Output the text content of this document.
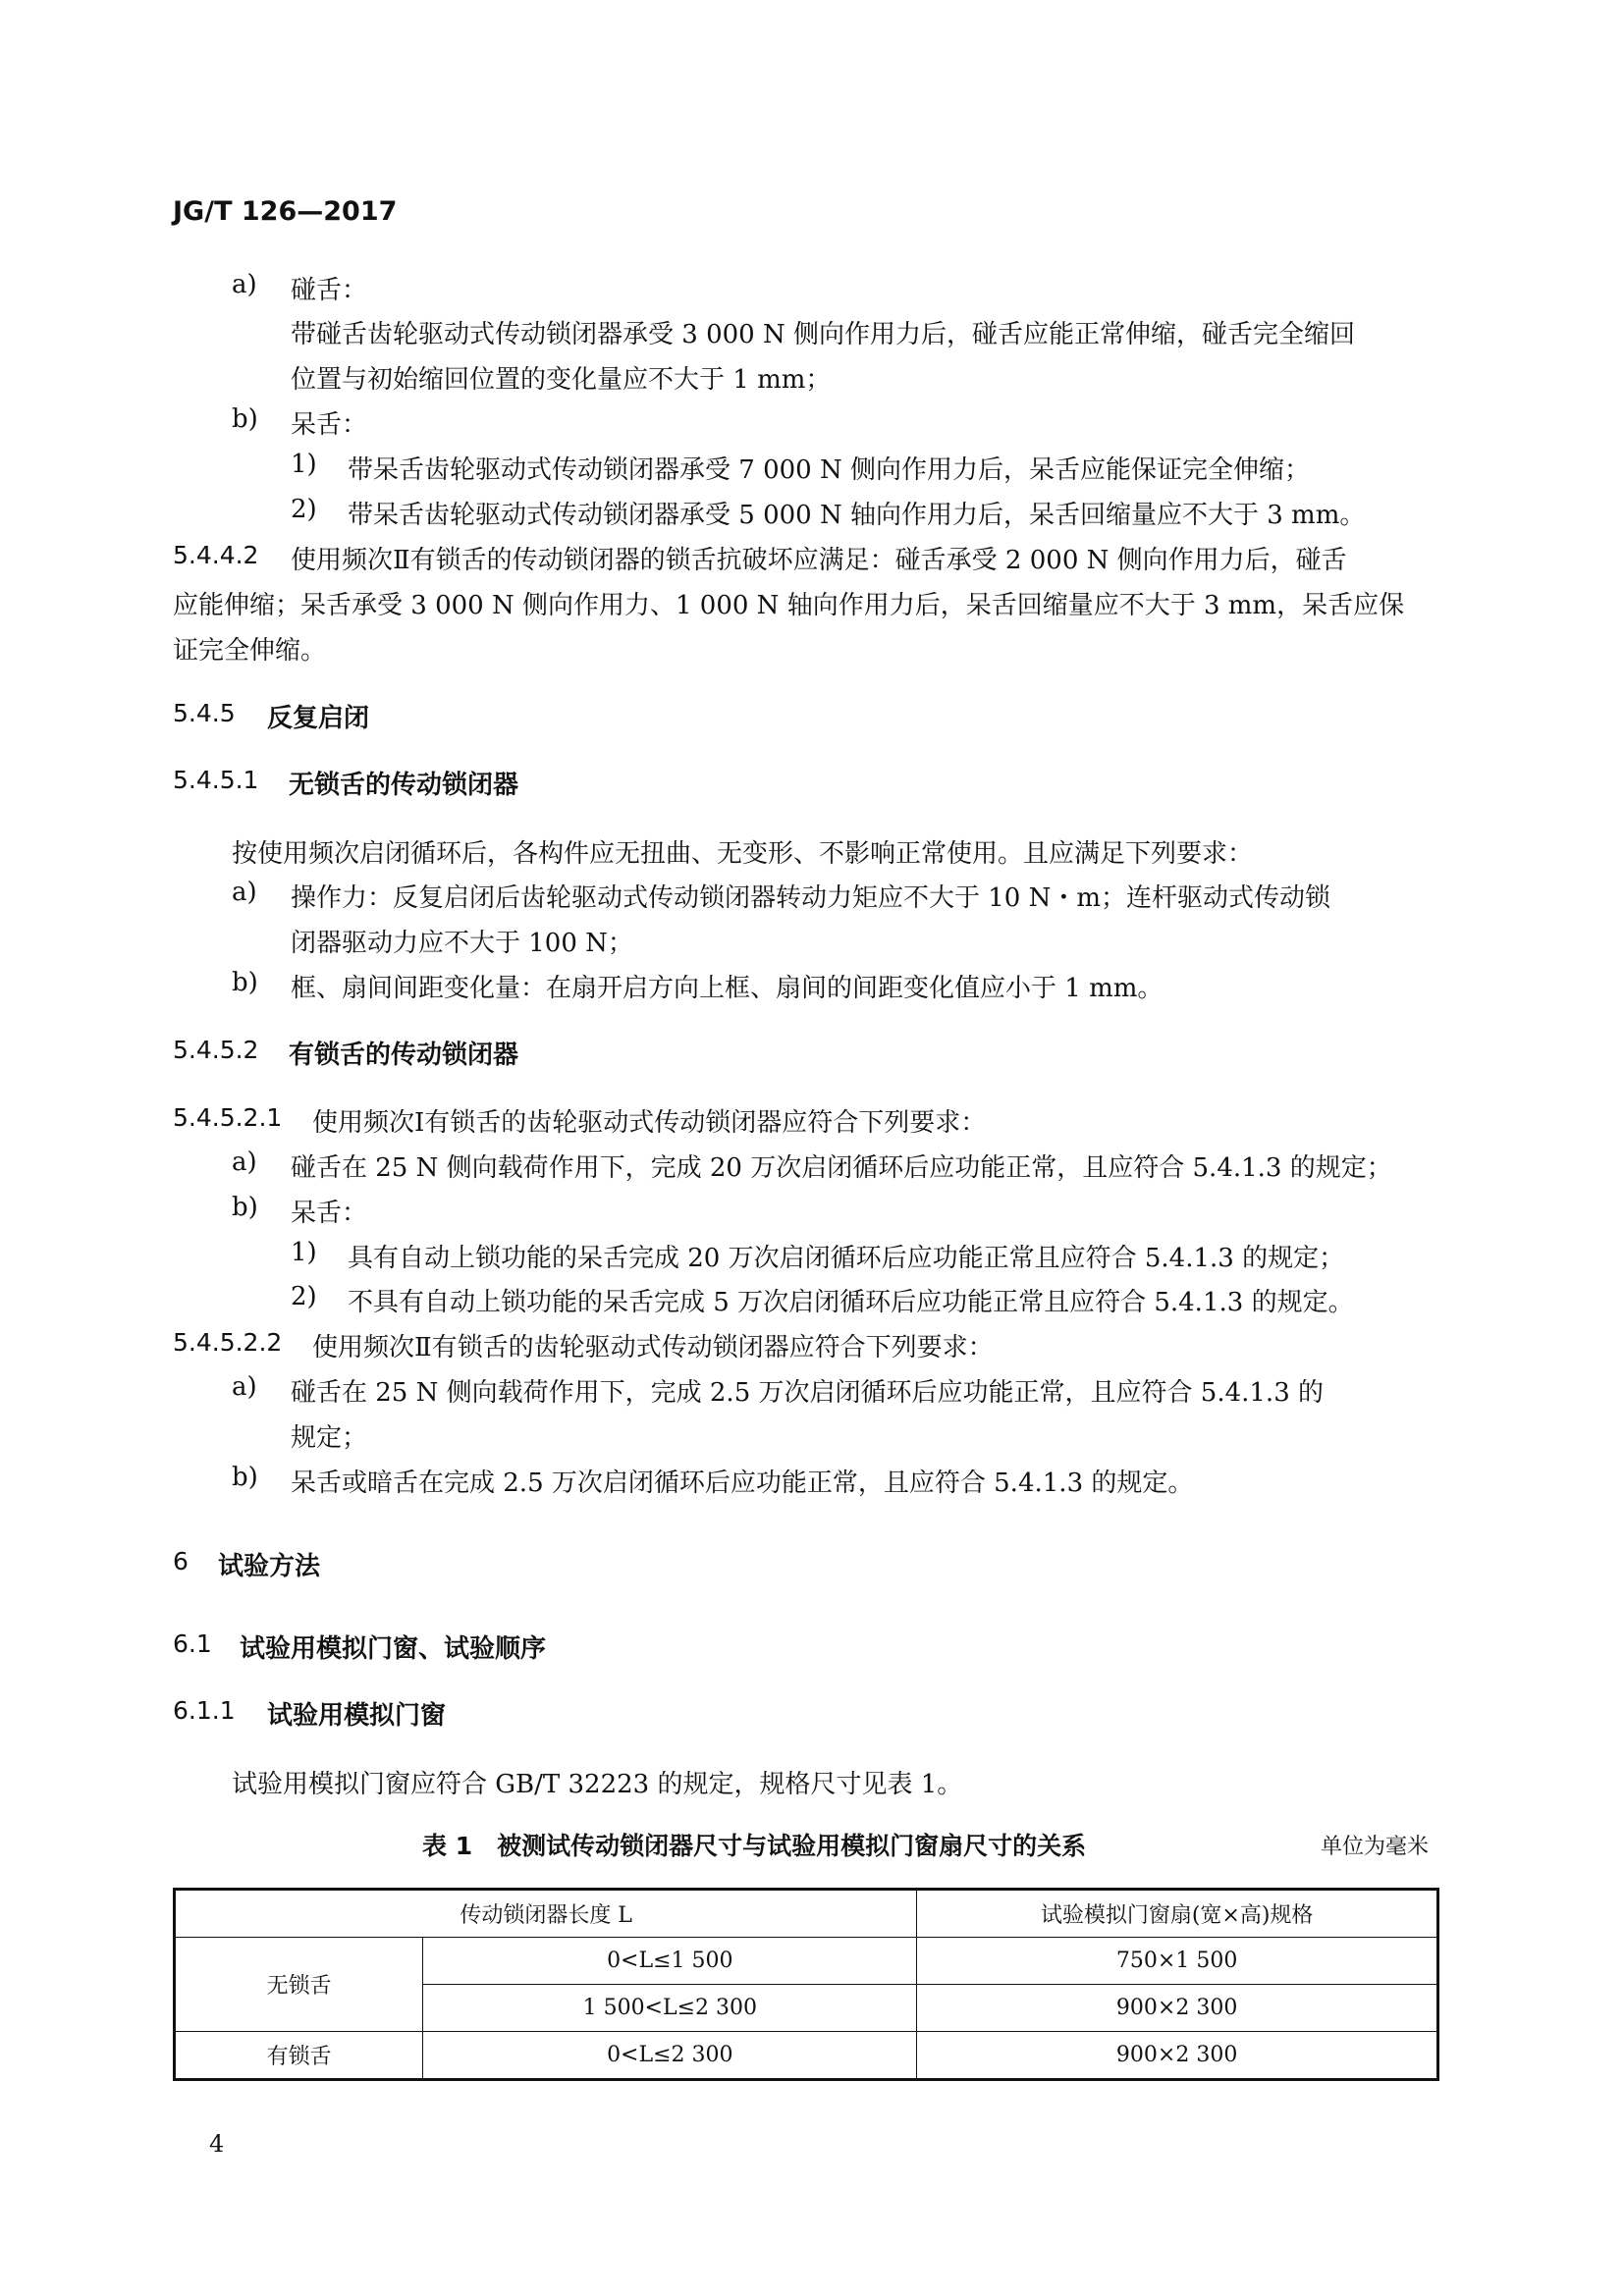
JG/T 126—2017
a) 碰舌：
带碰舌齿轮驱动式传动锁闭器承受 3 000 N 侧向作用力后，碰舌应能正常伸缩，碰舌完全缩回
位置与初始缩回位置的变化量应不大于 1 mm；
b) 呆舌：
1) 带呆舌齿轮驱动式传动锁闭器承受 7 000 N 侧向作用力后，呆舌应能保证完全伸缩；
2) 带呆舌齿轮驱动式传动锁闭器承受 5 000 N 轴向作用力后，呆舌回缩量应不大于 3 mm。
5.4.4.2 使用频次Ⅱ有锁舌的传动锁闭器的锁舌抗破坏应满足：碰舌承受 2 000 N 侧向作用力后，碰舌
应能伸缩；呆舌承受 3 000 N 侧向作用力、1 000 N 轴向作用力后，呆舌回缩量应不大于 3 mm，呆舌应保
证完全伸缩。
5.4.5 反复启闭
5.4.5.1 无锁舌的传动锁闭器
按使用频次启闭循环后，各构件应无扭曲、无变形、不影响正常使用。且应满足下列要求：
a) 操作力：反复启闭后齿轮驱动式传动锁闭器转动力矩应不大于 10 N・m；连杆驱动式传动锁
闭器驱动力应不大于 100 N；
b) 框、扇间间距变化量：在扇开启方向上框、扇间的间距变化值应小于 1 mm。
5.4.5.2 有锁舌的传动锁闭器
5.4.5.2.1 使用频次Ⅰ有锁舌的齿轮驱动式传动锁闭器应符合下列要求：
a) 碰舌在 25 N 侧向载荷作用下，完成 20 万次启闭循环后应功能正常，且应符合 5.4.1.3 的规定；
b) 呆舌：
1) 具有自动上锁功能的呆舌完成 20 万次启闭循环后应功能正常且应符合 5.4.1.3 的规定；
2) 不具有自动上锁功能的呆舌完成 5 万次启闭循环后应功能正常且应符合 5.4.1.3 的规定。
5.4.5.2.2 使用频次Ⅱ有锁舌的齿轮驱动式传动锁闭器应符合下列要求：
a) 碰舌在 25 N 侧向载荷作用下，完成 2.5 万次启闭循环后应功能正常，且应符合 5.4.1.3 的
规定；
b) 呆舌或暗舌在完成 2.5 万次启闭循环后应功能正常，且应符合 5.4.1.3 的规定。
6 试验方法
6.1 试验用模拟门窗、试验顺序
6.1.1 试验用模拟门窗
试验用模拟门窗应符合 GB/T 32223 的规定，规格尺寸见表 1。
表 1　被测试传动锁闭器尺寸与试验用模拟门窗扇尺寸的关系	单位为毫米
传动锁闭器长度 L		试验模拟门窗扇(宽×高)规格
无锁舌	0<L≤1 500	750×1 500
	1 500<L≤2 300	900×2 300
有锁舌	0<L≤2 300	900×2 300
4
